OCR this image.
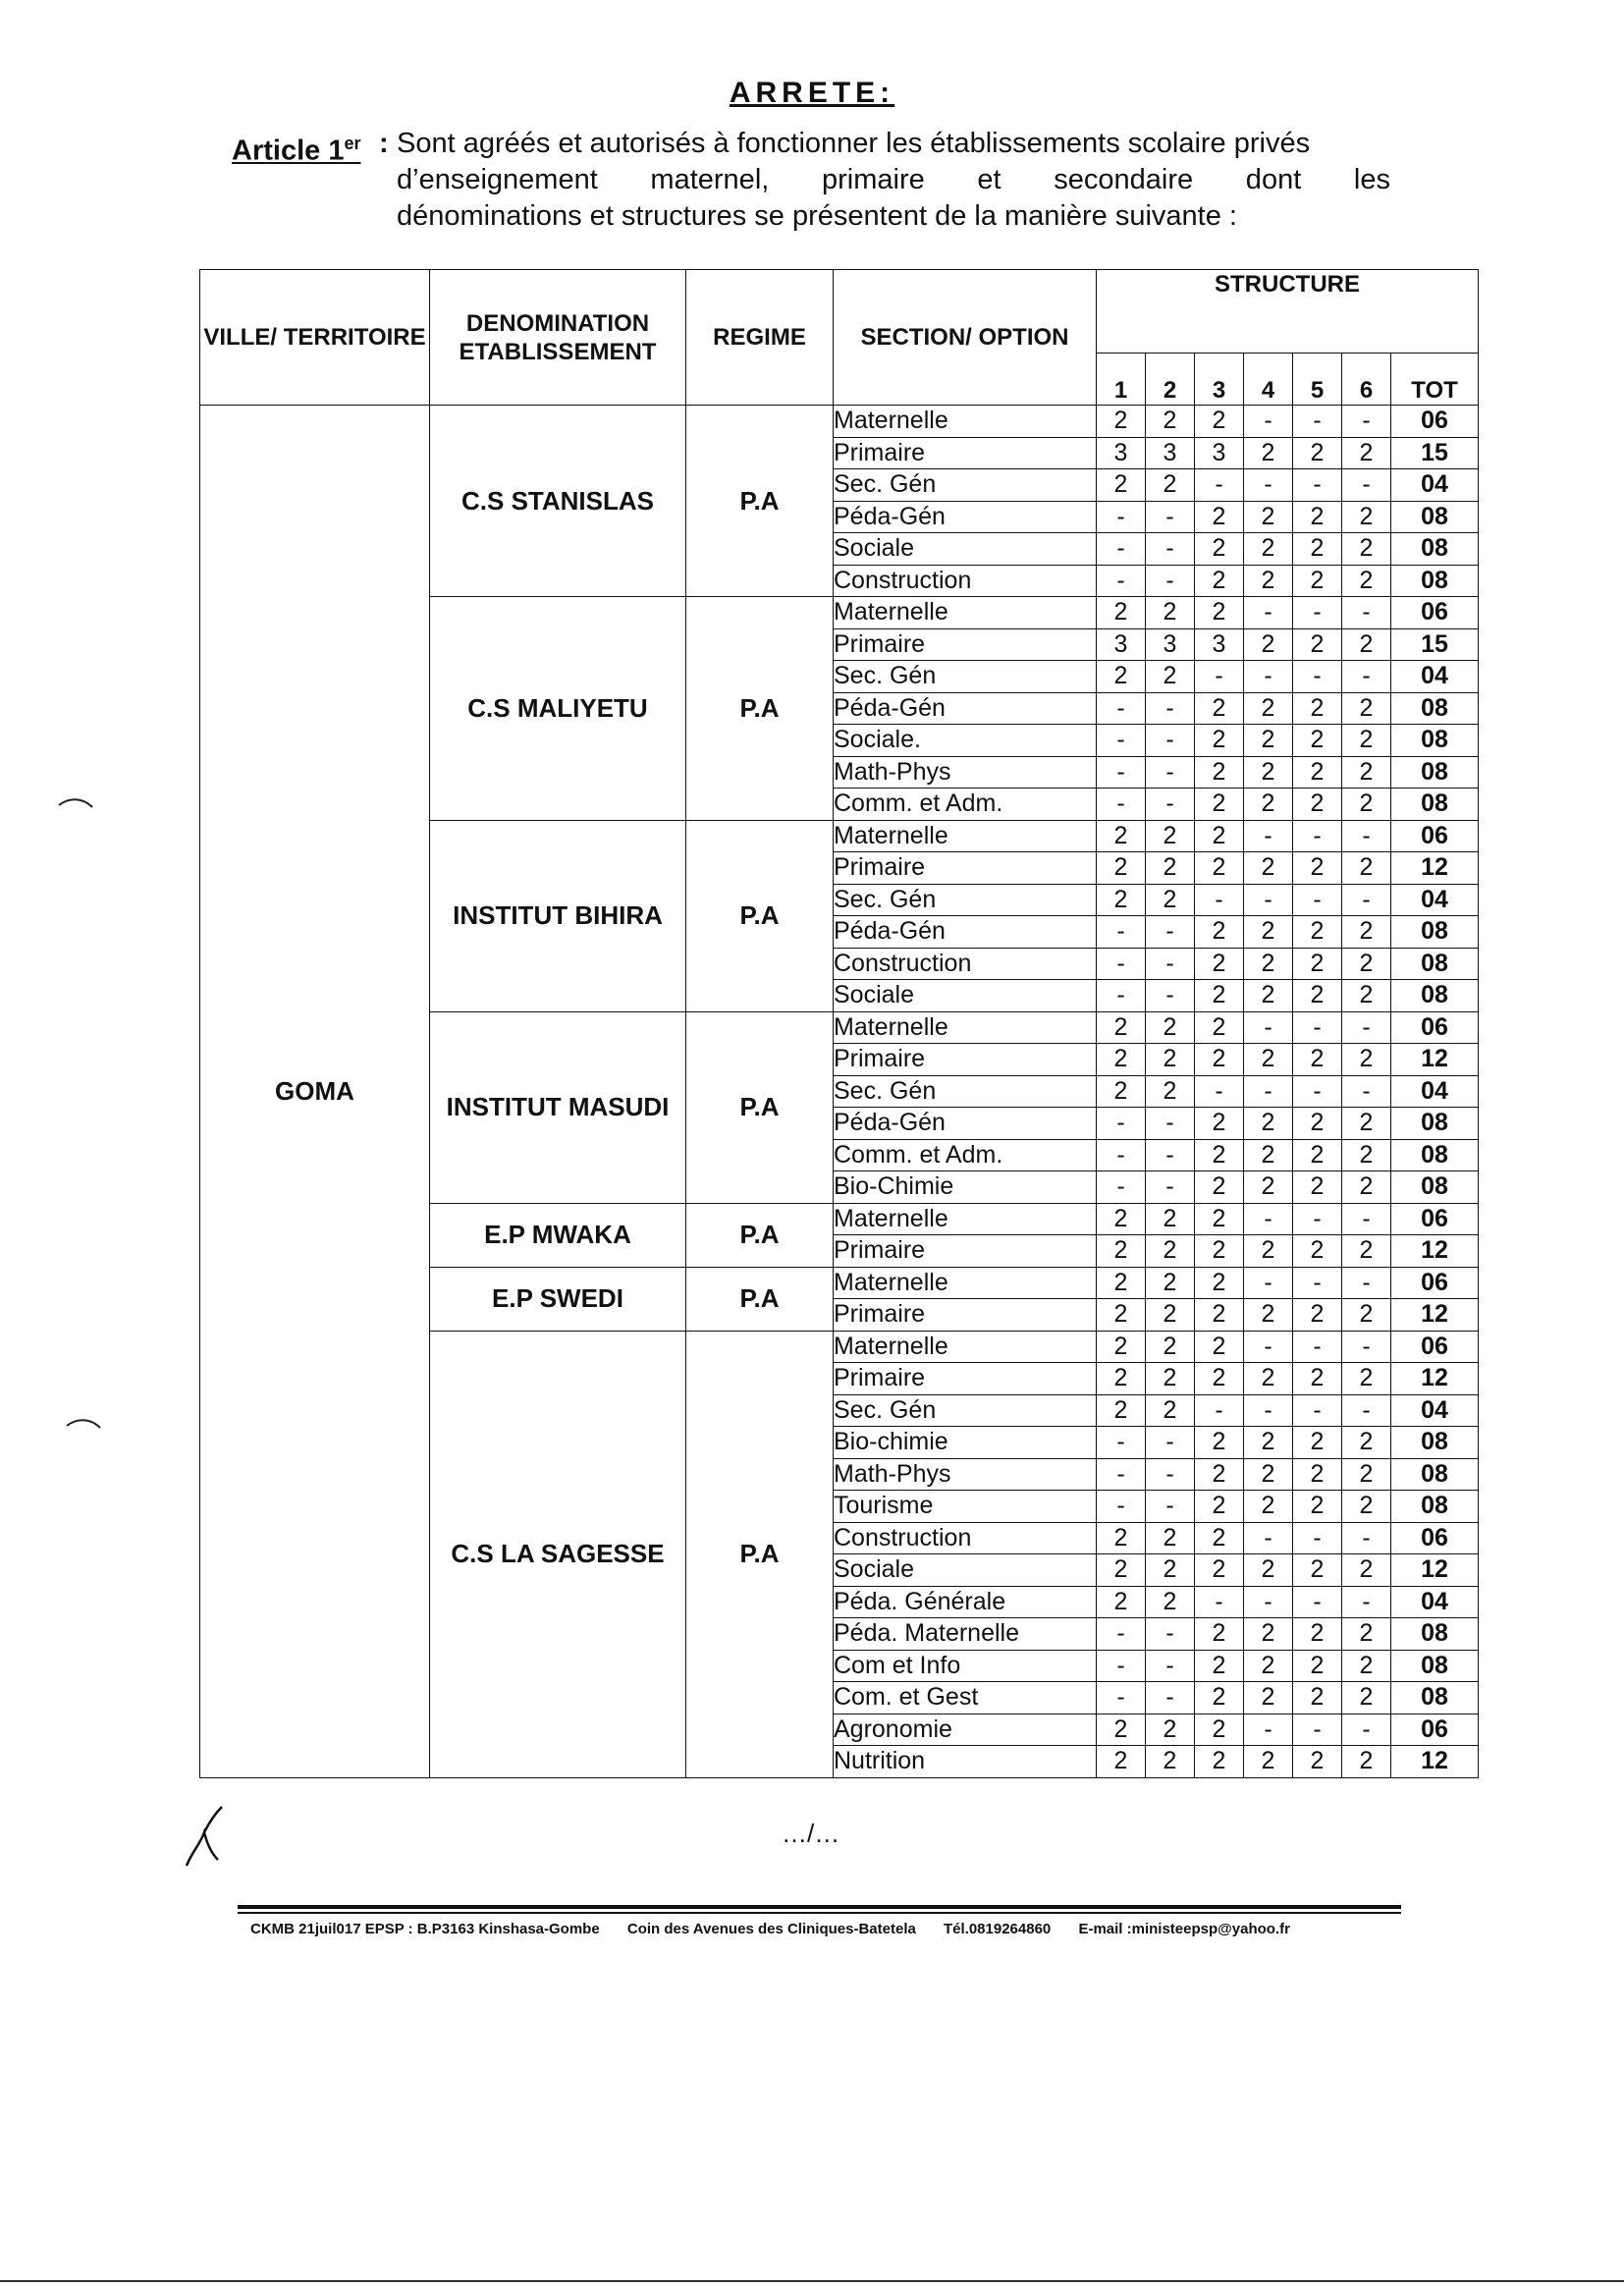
ARRETE:
Article 1er : Sont agréés et autorisés à fonctionner les établissements scolaire privés
d’enseignement maternel, primaire et secondaire dont les
dénominations et structures se présentent de la manière suivante :
VILLE/ TERRITOIRE	DENOMINATION ETABLISSEMENT	REGIME	SECTION/ OPTION	STRUCTURE						
				1	2	3	4	5	6	TOT
GOMA	C.S STANISLAS	P.A	Maternelle	2	2	2	-	-	-	06
			Primaire	3	3	3	2	2	2	15
			Sec. Gén	2	2	-	-	-	-	04
			Péda-Gén	-	-	2	2	2	2	08
			Sociale	-	-	2	2	2	2	08
			Construction	-	-	2	2	2	2	08
	C.S MALIYETU	P.A	Maternelle	2	2	2	-	-	-	06
			Primaire	3	3	3	2	2	2	15
			Sec. Gén	2	2	-	-	-	-	04
			Péda-Gén	-	-	2	2	2	2	08
			Sociale.	-	-	2	2	2	2	08
			Math-Phys	-	-	2	2	2	2	08
			Comm. et Adm.	-	-	2	2	2	2	08
	INSTITUT BIHIRA	P.A	Maternelle	2	2	2	-	-	-	06
			Primaire	2	2	2	2	2	2	12
			Sec. Gén	2	2	-	-	-	-	04
			Péda-Gén	-	-	2	2	2	2	08
			Construction	-	-	2	2	2	2	08
			Sociale	-	-	2	2	2	2	08
	INSTITUT MASUDI	P.A	Maternelle	2	2	2	-	-	-	06
			Primaire	2	2	2	2	2	2	12
			Sec. Gén	2	2	-	-	-	-	04
			Péda-Gén	-	-	2	2	2	2	08
			Comm. et Adm.	-	-	2	2	2	2	08
			Bio-Chimie	-	-	2	2	2	2	08
	E.P MWAKA	P.A	Maternelle	2	2	2	-	-	-	06
			Primaire	2	2	2	2	2	2	12
	E.P SWEDI	P.A	Maternelle	2	2	2	-	-	-	06
			Primaire	2	2	2	2	2	2	12
	C.S LA SAGESSE	P.A	Maternelle	2	2	2	-	-	-	06
			Primaire	2	2	2	2	2	2	12
			Sec. Gén	2	2	-	-	-	-	04
			Bio-chimie	-	-	2	2	2	2	08
			Math-Phys	-	-	2	2	2	2	08
			Tourisme	-	-	2	2	2	2	08
			Construction	2	2	2	-	-	-	06
			Sociale	2	2	2	2	2	2	12
			Péda. Générale	2	2	-	-	-	-	04
			Péda. Maternelle	-	-	2	2	2	2	08
			Com et Info	-	-	2	2	2	2	08
			Com. et Gest	-	-	2	2	2	2	08
			Agronomie	2	2	2	-	-	-	06
			Nutrition	2	2	2	2	2	2	12
…/…
CKMB 21juil017 EPSP : B.P3163 Kinshasa-Gombe Coin des Avenues des Cliniques-Batetela Tél.0819264860 E-mail :ministeepsp@yahoo.fr
